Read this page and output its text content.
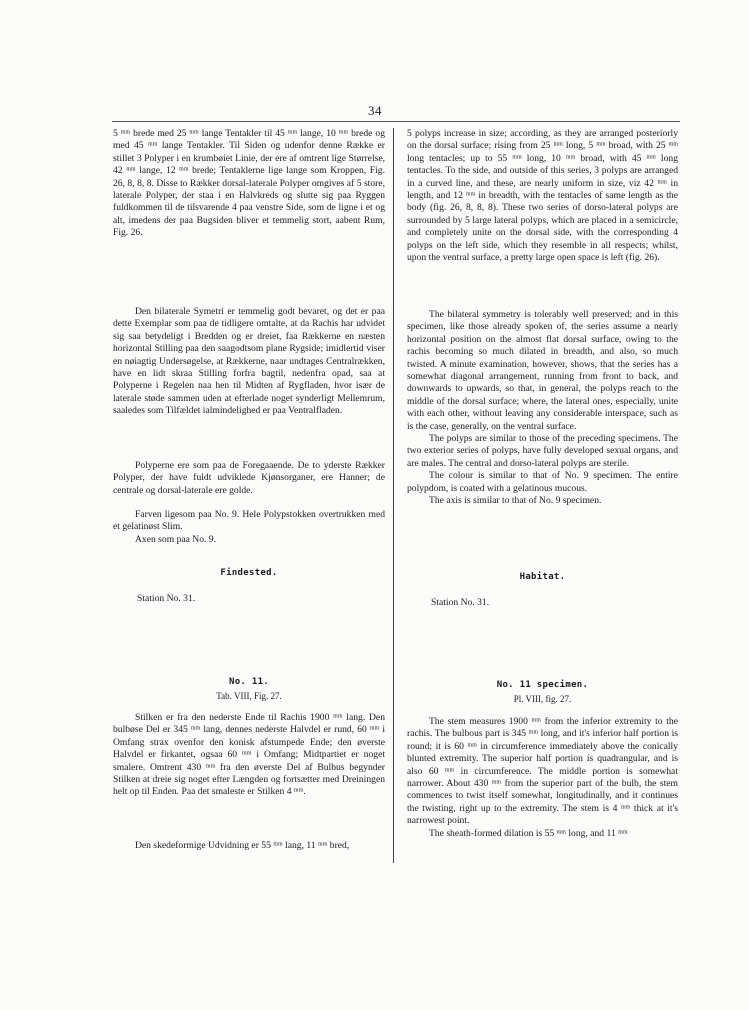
34

5 ᵐᵐ brede med 25 ᵐᵐ lange Tentakler til 45 ᵐᵐ lange, 10 ᵐᵐ brede og med 45 ᵐᵐ lange Tentakler. Til Siden og udenfor denne Række er stillet 3 Polyper i en krumbøiet Linie, der ere af omtrent lige Størrelse, 42 ᵐᵐ lange, 12 ᵐᵐ brede; Tentaklerne lige lange som Kroppen, Fig. 26, 8, 8, 8. Disse to Rækker dorsal-laterale Polyper omgives af 5 store, laterale Polyper, der staa i en Halvkreds og slutte sig paa Ryggen fuldkommen til de tilsvarende 4 paa venstre Side, som de ligne i et og alt, imedens der paa Bugsiden bliver et temmelig stort, aabent Rum, Fig. 26.

Den bilaterale Symetri er temmelig godt bevaret, og det er paa dette Exemplar som paa de tidligere omtalte, at da Rachis har udvidet sig saa betydeligt i Bredden og er dreiet, faa Rækkerne en næsten horizontal Stilling paa den saagodtsom plane Rygside; imidlertid viser en nøiagtig Undersøgelse, at Rækkerne, naar undtages Centralrækken, have en lidt skraa Stilling forfra bagtil, nedenfra opad, saa at Polyperne i Regelen naa hen til Midten af Rygfladen, hvor især de laterale støde sammen uden at efterlade noget synderligt Mellemrum, saaledes som Tilfældet ialmindelighed er paa Ventralfladen.

Polyperne ere som paa de Foregaaende. De to yderste Rækker Polyper, der have fuldt udviklede Kjønsorganer, ere Hanner; de centrale og dorsal-laterale ere golde.

Farven ligesom paa No. 9. Hele Polypstokken overtrukken med et gelatinøst Slim.

Axen som paa No. 9.

Findested.
Station No. 31.
No. 11.
Tab. VIII, Fig. 27.

Stilken er fra den nederste Ende til Rachis 1900 ᵐᵐ lang. Den bulbøse Del er 345 ᵐᵐ lang, dennes nederste Halvdel er rund, 60 ᵐᵐ i Omfang strax ovenfor den konisk afstumpede Ende; den øverste Halvdel er firkantet, ogsaa 60 ᵐᵐ i Omfang; Midtpartiet er noget smalere. Omtrent 430 ᵐᵐ fra den øverste Del af Bulbus begynder Stilken at dreie sig noget efter Længden og fortsætter med Dreiningen helt op til Enden. Paa det smaleste er Stilken 4 ᵐᵐ.

Den skedeformige Udvidning er 55 ᵐᵐ lang, 11 ᵐᵐ bred,

5 polyps increase in size; according, as they are arranged posteriorly on the dorsal surface; rising from 25 ᵐᵐ long, 5 ᵐᵐ broad, with 25 ᵐᵐ long tentacles; up to 55 ᵐᵐ long, 10 ᵐᵐ broad, with 45 ᵐᵐ long tentacles. To the side, and outside of this series, 3 polyps are arranged in a curved line, and these, are nearly uniform in size, viz 42 ᵐᵐ in length, and 12 ᵐᵐ in breadth, with the tentacles of same length as the body (fig. 26, 8, 8, 8). These two series of dorso-lateral polyps are surrounded by 5 large lateral polyps, which are placed in a semicircle, and completely unite on the dorsal side, with the corresponding 4 polyps on the left side, which they resemble in all respects; whilst, upon the ventral surface, a pretty large open space is left (fig. 26).

The bilateral symmetry is tolerably well preserved; and in this specimen, like those already spoken of, the series assume a nearly horizontal position on the almost flat dorsal surface, owing to the rachis becoming so much dilated in breadth, and also, so much twisted. A minute examination, however, shows, that the series has a somewhat diagonal arrangement, running from front to back, and downwards to upwards, so that, in general, the polyps reach to the middle of the dorsal surface; where, the lateral ones, especially, unite with each other, without leaving any considerable interspace, such as is the case, generally, on the ventral surface.

The polyps are similar to those of the preceding specimens. The two exterior series of polyps, have fully developed sexual organs, and are males. The central and dorso-lateral polyps are sterile.

The colour is similar to that of No. 9 specimen. The entire polypdom, is coated with a gelatinous mucous.

The axis is similar to that of No. 9 specimen.

Habitat.
Station No. 31.
No. 11 specimen.
Pl. VIII, fig. 27.

The stem measures 1900 ᵐᵐ from the inferior extremity to the rachis. The bulbous part is 345 ᵐᵐ long, and it's inferior half portion is round; it is 60 ᵐᵐ in circumference immediately above the conically blunted extremity. The superior half portion is quadrangular, and is also 60 ᵐᵐ in circumference. The middle portion is somewhat narrower. About 430 ᵐᵐ from the superior part of the bulb, the stem commences to twist itself somewhat, longitudinally, and it continues the twisting, right up to the extremity. The stem is 4 ᵐᵐ thick at it's narrowest point.

The sheath-formed dilation is 55 ᵐᵐ long, and 11 ᵐᵐ
